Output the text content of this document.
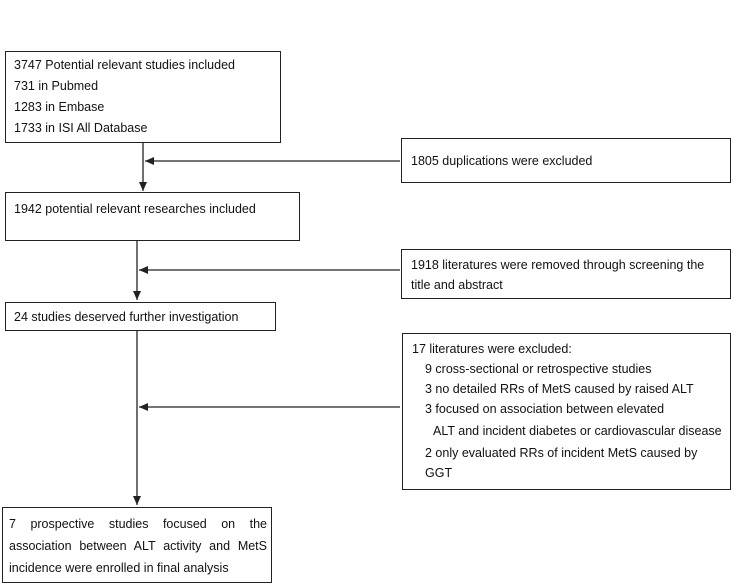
3747 Potential relevant studies included
731 in Pubmed
1283 in Embase
1733 in ISI All Database
1805 duplications were excluded
1942 potential relevant researches included
1918 literatures were removed through screening the
title and abstract
24 studies deserved further investigation
17 literatures were excluded:
9 cross-sectional or retrospective studies
3 no detailed RRs of MetS caused by raised ALT
3 focused on association between elevated
ALT and incident diabetes or cardiovascular disease
2 only evaluated RRs of incident MetS caused by
GGT
7 prospective studies focused on the
association between ALT activity and MetS
incidence were enrolled in final analysis
